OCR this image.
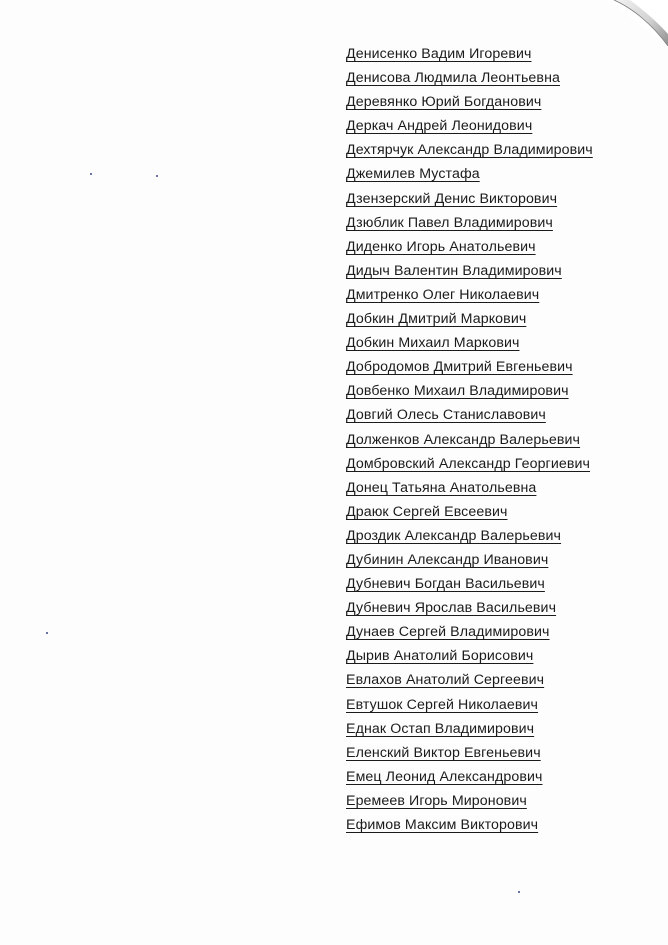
Денисенко Вадим Игоревич
Денисова Людмила Леонтьевна
Деревянко Юрий Богданович
Деркач Андрей Леонидович
Дехтярчук Александр Владимирович
Джемилев Мустафа
Дзензерский Денис Викторович
Дзюблик Павел Владимирович
Диденко Игорь Анатольевич
Дидыч Валентин Владимирович
Дмитренко Олег Николаевич
Добкин Дмитрий Маркович
Добкин Михаил Маркович
Добродомов Дмитрий Евгеньевич
Довбенко Михаил Владимирович
Довгий Олесь Станиславович
Долженков Александр Валерьевич
Домбровский Александр Георгиевич
Донец Татьяна Анатольевна
Драюк Сергей Евсеевич
Дроздик Александр Валерьевич
Дубинин Александр Иванович
Дубневич Богдан Васильевич
Дубневич Ярослав Васильевич
Дунаев Сергей Владимирович
Дырив Анатолий Борисович
Евлахов Анатолий Сергеевич
Евтушок Сергей Николаевич
Еднак Остап Владимирович
Еленский Виктор Евгеньевич
Емец Леонид Александрович
Еремеев Игорь Миронович
Ефимов Максим Викторович
